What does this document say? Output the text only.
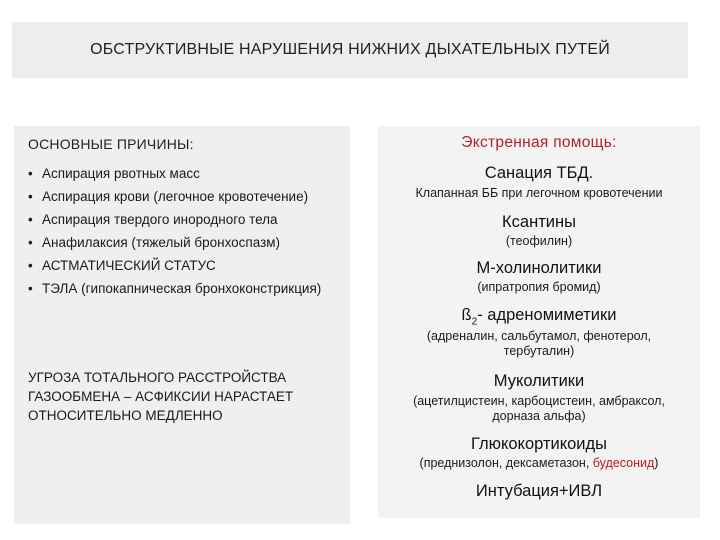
ОБСТРУКТИВНЫЕ НАРУШЕНИЯ НИЖНИХ ДЫХАТЕЛЬНЫХ ПУТЕЙ
ОСНОВНЫЕ ПРИЧИНЫ:
• Аспирация рвотных масс
• Аспирация крови (легочное кровотечение)
• Аспирация твердого инородного тела
• Анафилаксия (тяжелый бронхоспазм)
• АСТМАТИЧЕСКИЙ СТАТУС
• ТЭЛА (гипокапническая бронхоконстрикция)
УГРОЗА ТОТАЛЬНОГО РАССТРОЙСТВА ГАЗООБМЕНА – АСФИКСИИ НАРАСТАЕТ ОТНОСИТЕЛЬНО МЕДЛЕННО
Экстренная помощь:
Санация ТБД.
Клапанная ББ при легочном кровотечении
Ксантины
(теофилин)
М-холинолитики
(ипратропия бромид)
$ß_2-$ адреномиметики
(адреналин, сальбутамол, фенотерол, тербуталин)
Муколитики
(ацетилцистеин, карбоцистеин, амбраксол, дорназа альфа)
Глюкокортикоиды
(преднизолон, дексаметазон, будесонид)
Интубация+ИВЛ
